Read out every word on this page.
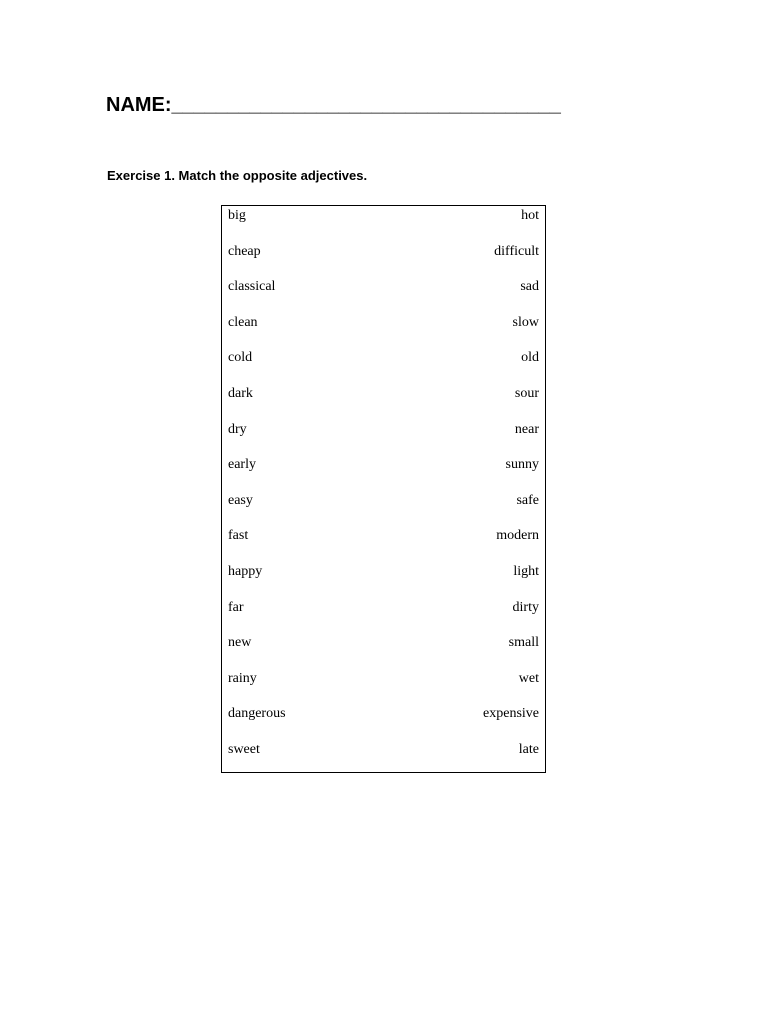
NAME:___________________________________
Exercise 1. Match the opposite adjectives.
big	hot
cheap	difficult
classical	sad
clean	slow
cold	old
dark	sour
dry	near
early	sunny
easy	safe
fast	modern
happy	light
far	dirty
new	small
rainy	wet
dangerous	expensive
sweet	late
